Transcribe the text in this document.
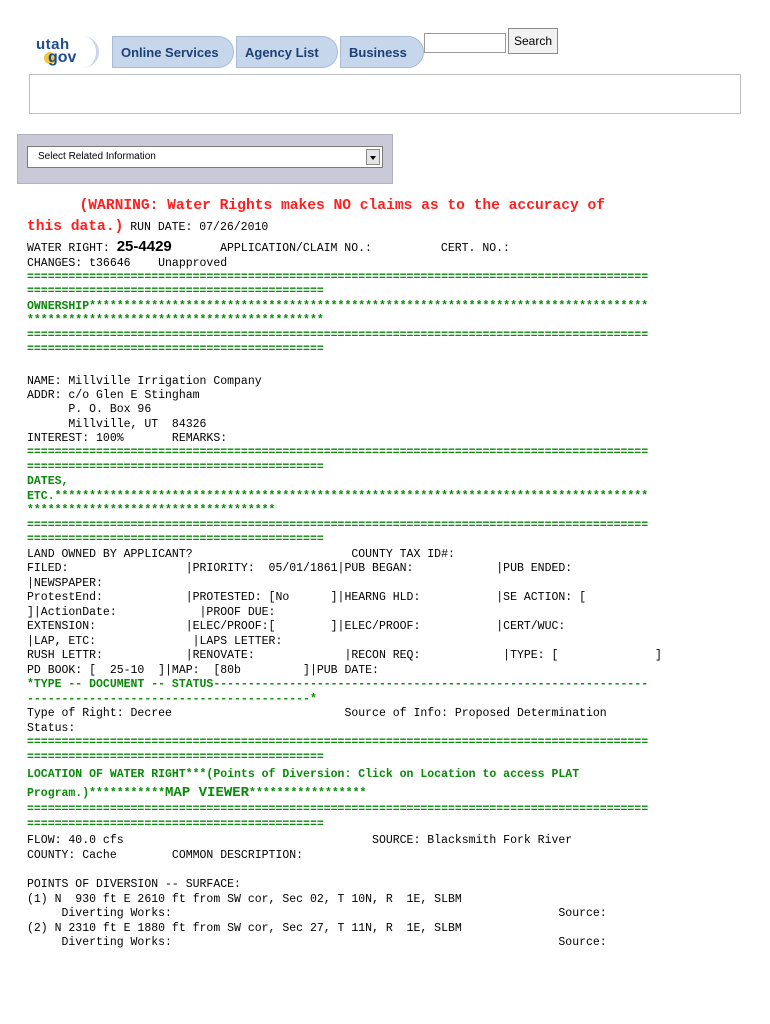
utah
gov	Online Services	Agency List	Business
Search
Select Related Information
(WARNING: Water Rights makes NO claims as to the accuracy of
this data.) RUN DATE: 07/26/2010
WATER RIGHT: 25-4429       APPLICATION/CLAIM NO.:          CERT. NO.:
CHANGES: t36646    Unapproved
==========================================================================================
===========================================
OWNERSHIP*********************************************************************************
*******************************************
==========================================================================================
===========================================
NAME: Millville Irrigation Company
ADDR: c/o Glen E Stingham
P. O. Box 96
Millville, UT  84326
INTEREST: 100%       REMARKS:
==========================================================================================
===========================================
DATES,
ETC.**************************************************************************************
************************************
==========================================================================================
===========================================
LAND OWNED BY APPLICANT?                       COUNTY TAX ID#:
FILED:                 |PRIORITY:  05/01/1861|PUB BEGAN:            |PUB ENDED:
|NEWSPAPER:
ProtestEnd:            |PROTESTED: [No      ]|HEARNG HLD:           |SE ACTION: [
]|ActionDate:            |PROOF DUE:
EXTENSION:             |ELEC/PROOF:[        ]|ELEC/PROOF:           |CERT/WUC:
|LAP, ETC:              |LAPS LETTER:
RUSH LETTR:            |RENOVATE:             |RECON REQ:            |TYPE: [              ]
PD BOOK: [  25-10  ]|MAP:  [80b         ]|PUB DATE:
*TYPE -- DOCUMENT -- STATUS---------------------------------------------------------------
-----------------------------------------*
Type of Right: Decree                         Source of Info: Proposed Determination
Status:
==========================================================================================
===========================================
LOCATION OF WATER RIGHT***(Points of Diversion: Click on Location to access PLAT
Program.)***********MAP VIEWER*****************
==========================================================================================
===========================================
FLOW: 40.0 cfs                                    SOURCE: Blacksmith Fork River
COUNTY: Cache        COMMON DESCRIPTION:
POINTS OF DIVERSION -- SURFACE:
(1) N  930 ft E 2610 ft from SW cor, Sec 02, T 10N, R  1E, SLBM
Diverting Works:                                                        Source:
(2) N 2310 ft E 1880 ft from SW cor, Sec 27, T 11N, R  1E, SLBM
Diverting Works:                                                        Source:
